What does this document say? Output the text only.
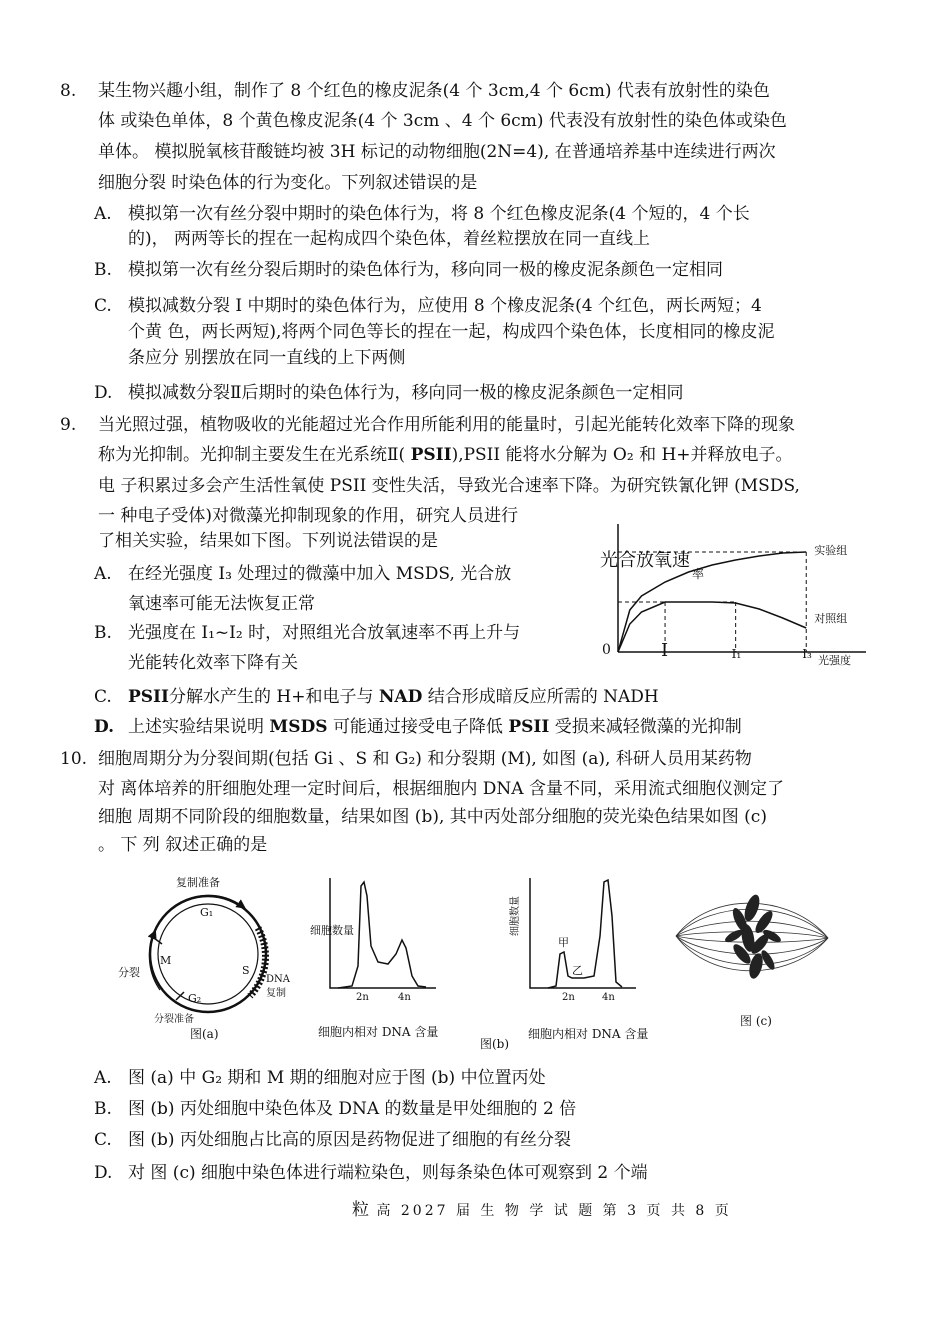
8. 某生物兴趣小组，制作了 8 个红色的橡皮泥条(4 个 3cm,4 个 6cm) 代表有放射性的染色
体 或染色单体，8 个黄色橡皮泥条(4 个 3cm 、4 个 6cm) 代表没有放射性的染色体或染色
单体。 模拟脱氧核苷酸链均被 3H 标记的动物细胞(2N=4), 在普通培养基中连续进行两次
细胞分裂 时染色体的行为变化。下列叙述错误的是
A. 模拟第一次有丝分裂中期时的染色体行为，将 8 个红色橡皮泥条(4 个短的，4 个长
的)， 两两等长的捏在一起构成四个染色体，着丝粒摆放在同一直线上
B. 模拟第一次有丝分裂后期时的染色体行为，移向同一极的橡皮泥条颜色一定相同
C. 模拟减数分裂 I 中期时的染色体行为，应使用 8 个橡皮泥条(4 个红色，两长两短；4
个黄 色，两长两短),将两个同色等长的捏在一起，构成四个染色体，长度相同的橡皮泥
条应分 别摆放在同一直线的上下两侧
D. 模拟减数分裂Ⅱ后期时的染色体行为，移向同一极的橡皮泥条颜色一定相同
9. 当光照过强，植物吸收的光能超过光合作用所能利用的能量时，引起光能转化效率下降的现象
称为光抑制。光抑制主要发生在光系统Ⅱ( PSII),PSII 能将水分解为 O₂ 和 H+并释放电子。
电 子积累过多会产生活性氧使 PSII 变性失活，导致光合速率下降。为研究铁氰化钾 (MSDS,
一 种电子受体)对微藻光抑制现象的作用，研究人员进行
了相关实验，结果如下图。下列说法错误的是
A. 在经光强度 I₃ 处理过的微藻中加入 MSDS, 光合放
氧速率可能无法恢复正常
B. 光强度在 I₁~I₂ 时，对照组光合放氧速率不再上升与
光能转化效率下降有关
C. PSII分解水产生的 H+和电子与 NAD 结合形成暗反应所需的 NADH
D. 上述实验结果说明 MSDS 可能通过接受电子降低 PSII 受损来减轻微藻的光抑制
实验组
对照组
光合放氧速
率
0	I	I₁	I₃ 光强度
10. 细胞周期分为分裂间期(包括 Gi 、S 和 G₂) 和分裂期 (M), 如图 (a), 科研人员用某药物
对 离体培养的肝细胞处理一定时间后，根据细胞内 DNA 含量不同，采用流式细胞仪测定了
细胞 周期不同阶段的细胞数量，结果如图 (b), 其中丙处部分细胞的荧光染色结果如图 (c)
。 下 列 叙述正确的是
复制准备
G₁
S
DNA
复制
G₂
M
分裂
分裂准备
图(a)
细胞数量
2n	4n
细胞内相对 DNA 含量
细胞数量
甲
乙
2n	4n
细胞内相对 DNA 含量
图(b)
图 (c)
A. 图 (a) 中 G₂ 期和 M 期的细胞对应于图 (b) 中位置丙处
B. 图 (b) 丙处细胞中染色体及 DNA 的数量是甲处细胞的 2 倍
C. 图 (b) 丙处细胞占比高的原因是药物促进了细胞的有丝分裂
D. 对 图 (c) 细胞中染色体进行端粒染色，则每条染色体可观察到 2 个端
粒 高 2027 届 生 物 学 试 题 第 3 页 共 8 页
